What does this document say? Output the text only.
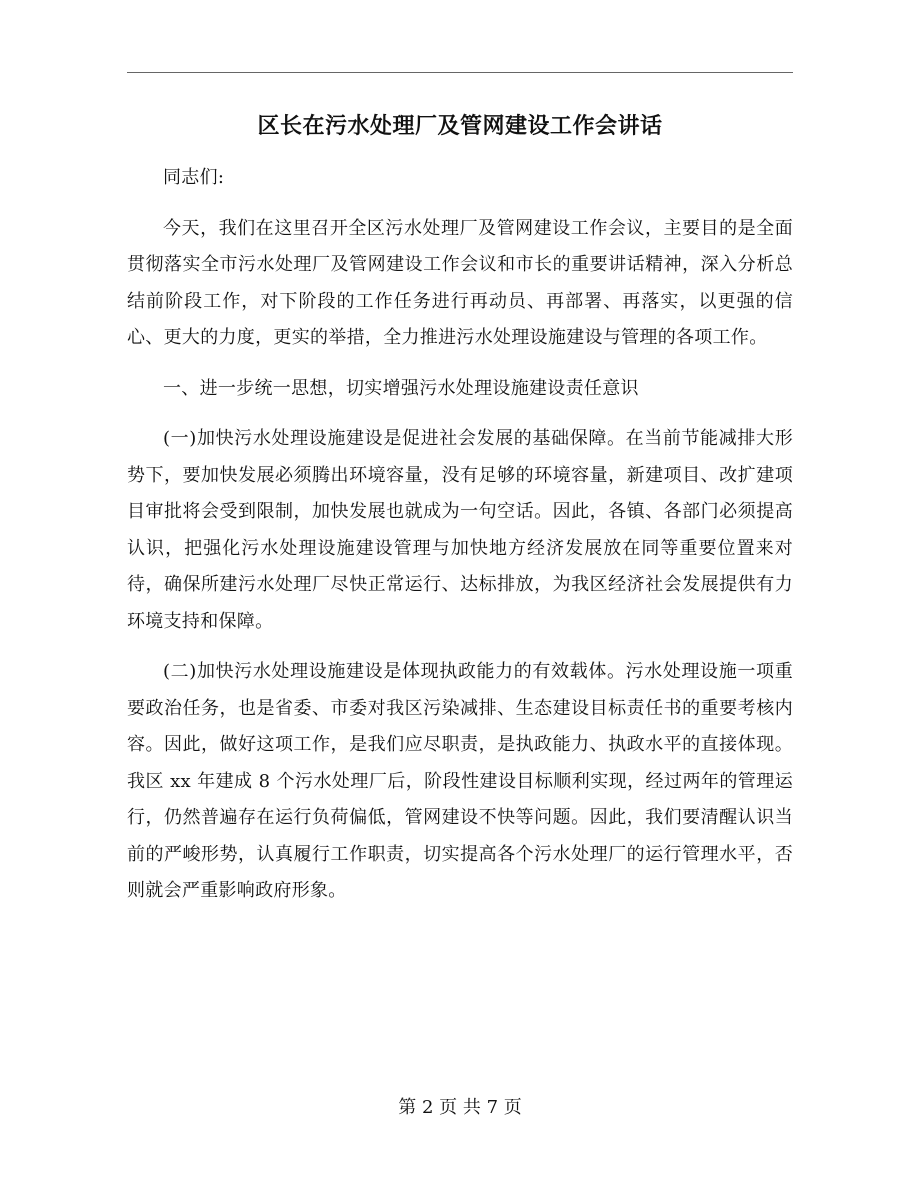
区长在污水处理厂及管网建设工作会讲话

同志们:

今天，我们在这里召开全区污水处理厂及管网建设工作会议，主要目的是全面贯彻落实全市污水处理厂及管网建设工作会议和市长的重要讲话精神，深入分析总结前阶段工作，对下阶段的工作任务进行再动员、再部署、再落实，以更强的信心、更大的力度，更实的举措，全力推进污水处理设施建设与管理的各项工作。

一、进一步统一思想，切实增强污水处理设施建设责任意识

(一)加快污水处理设施建设是促进社会发展的基础保障。在当前节能减排大形势下，要加快发展必须腾出环境容量，没有足够的环境容量，新建项目、改扩建项目审批将会受到限制，加快发展也就成为一句空话。因此，各镇、各部门必须提高认识，把强化污水处理设施建设管理与加快地方经济发展放在同等重要位置来对待，确保所建污水处理厂尽快正常运行、达标排放，为我区经济社会发展提供有力环境支持和保障。

(二)加快污水处理设施建设是体现执政能力的有效载体。污水处理设施一项重要政治任务，也是省委、市委对我区污染减排、生态建设目标责任书的重要考核内容。因此，做好这项工作，是我们应尽职责，是执政能力、执政水平的直接体现。我区 xx 年建成 8 个污水处理厂后，阶段性建设目标顺利实现，经过两年的管理运行，仍然普遍存在运行负荷偏低，管网建设不快等问题。因此，我们要清醒认识当前的严峻形势，认真履行工作职责，切实提高各个污水处理厂的运行管理水平，否则就会严重影响政府形象。

第 2 页 共 7 页
